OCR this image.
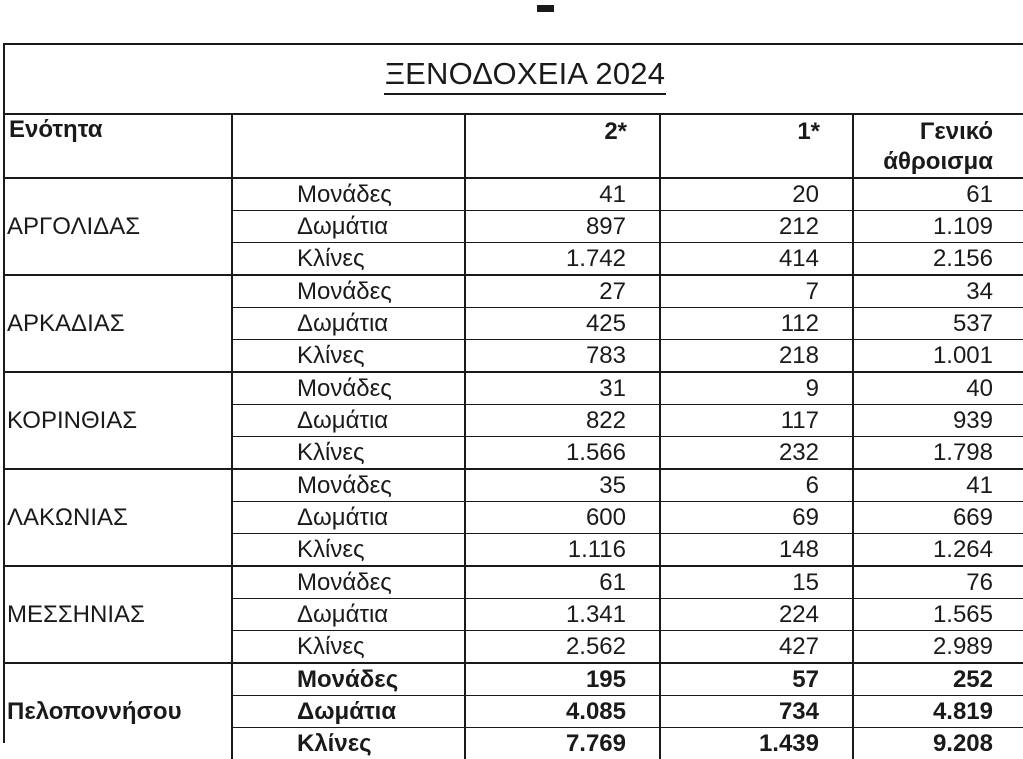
ΞΕΝΟΔΟΧΕΙΑ 2024
Ενότητα		2*	1*	Γενικό
άθροισμα
ΑΡΓΟΛΙΔΑΣ	Μονάδες	41	20	61
	Δωμάτια	897	212	1.109
	Κλίνες	1.742	414	2.156
ΑΡΚΑΔΙΑΣ	Μονάδες	27	7	34
	Δωμάτια	425	112	537
	Κλίνες	783	218	1.001
ΚΟΡΙΝΘΙΑΣ	Μονάδες	31	9	40
	Δωμάτια	822	117	939
	Κλίνες	1.566	232	1.798
ΛΑΚΩΝΙΑΣ	Μονάδες	35	6	41
	Δωμάτια	600	69	669
	Κλίνες	1.116	148	1.264
ΜΕΣΣΗΝΙΑΣ	Μονάδες	61	15	76
	Δωμάτια	1.341	224	1.565
	Κλίνες	2.562	427	2.989
Πελοποννήσου	Μονάδες	195	57	252
	Δωμάτια	4.085	734	4.819
	Κλίνες	7.769	1.439	9.208
